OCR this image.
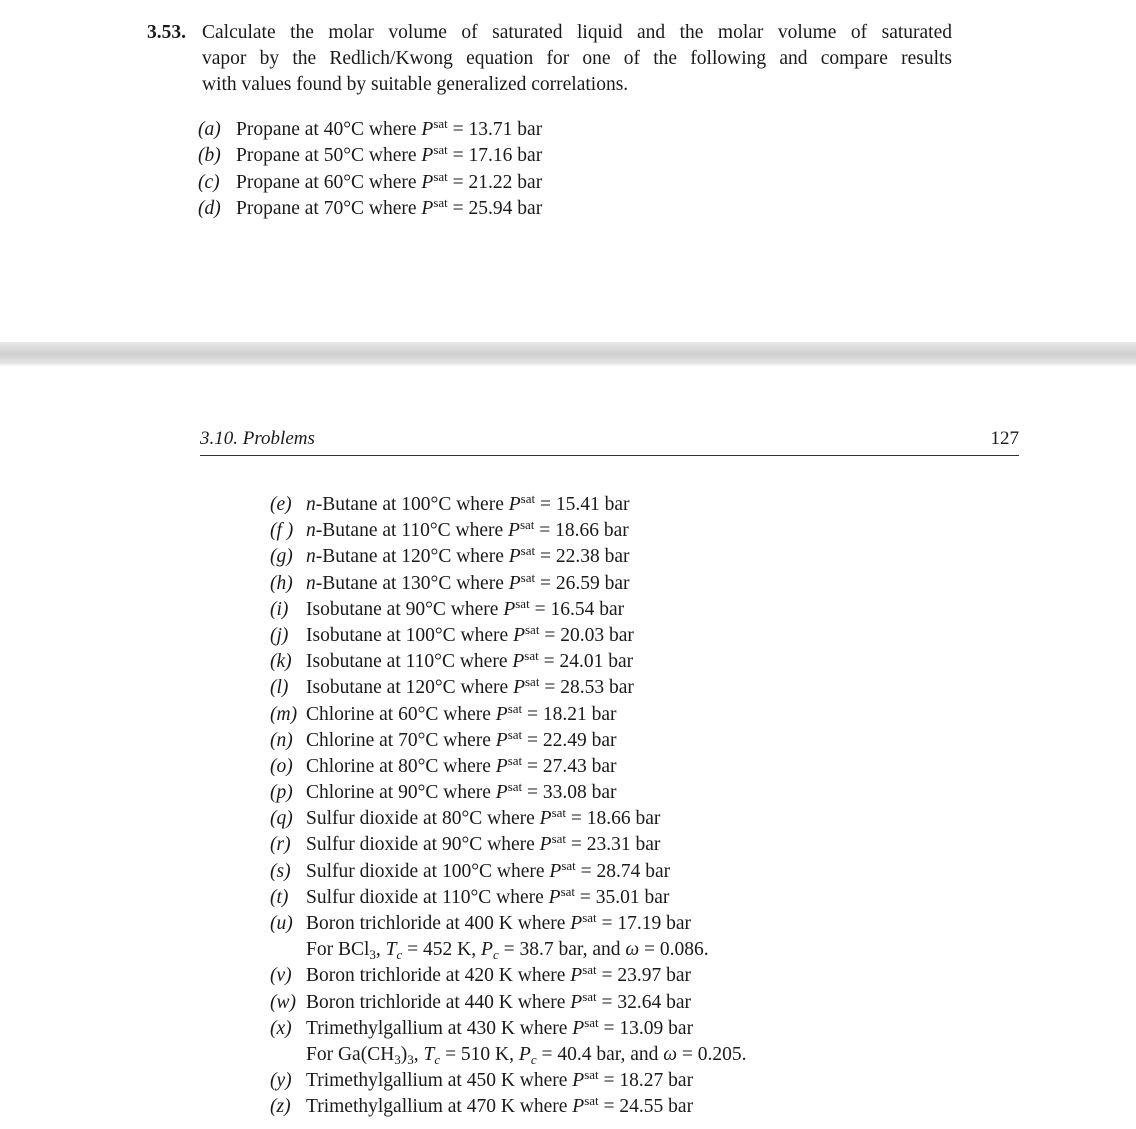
3.53. Calculate the molar volume of saturated liquid and the molar volume of saturated
vapor by the Redlich/Kwong equation for one of the following and compare results
with values found by suitable generalized correlations.
(a) Propane at 40°C where $P^{sat} = 13.71$ bar
(b) Propane at 50°C where $P^{sat} = 17.16$ bar
(c) Propane at 60°C where $P^{sat} = 21.22$ bar
(d) Propane at 70°C where $P^{sat} = 25.94$ bar
3.10. Problems	127
(e) n-Butane at 100°C where $P^{sat} = 15.41$ bar
(f ) n-Butane at 110°C where $P^{sat} = 18.66$ bar
(g) n-Butane at 120°C where $P^{sat} = 22.38$ bar
(h) n-Butane at 130°C where $P^{sat} = 26.59$ bar
(i) Isobutane at 90°C where $P^{sat} = 16.54$ bar
(j) Isobutane at 100°C where $P^{sat} = 20.03$ bar
(k) Isobutane at 110°C where $P^{sat} = 24.01$ bar
(l) Isobutane at 120°C where $P^{sat} = 28.53$ bar
(m) Chlorine at 60°C where $P^{sat} = 18.21$ bar
(n) Chlorine at 70°C where $P^{sat} = 22.49$ bar
(o) Chlorine at 80°C where $P^{sat} = 27.43$ bar
(p) Chlorine at 90°C where $P^{sat} = 33.08$ bar
(q) Sulfur dioxide at 80°C where $P^{sat} = 18.66$ bar
(r) Sulfur dioxide at 90°C where $P^{sat} = 23.31$ bar
(s) Sulfur dioxide at 100°C where $P^{sat} = 28.74$ bar
(t) Sulfur dioxide at 110°C where $P^{sat} = 35.01$ bar
(u) Boron trichloride at 400 K where $P^{sat} = 17.19$ bar
For BCl$_3$, $T_c = 452$ K, $P_c = 38.7$ bar, and ω = 0.086.
(v) Boron trichloride at 420 K where $P^{sat} = 23.97$ bar
(w) Boron trichloride at 440 K where $P^{sat} = 32.64$ bar
(x) Trimethylgallium at 430 K where $P^{sat} = 13.09$ bar
For $Ga(CH_3)_3$, $T_c = 510$ K, $P_c = 40.4$ bar, and ω = 0.205.
(y) Trimethylgallium at 450 K where $P^{sat} = 18.27$ bar
(z) Trimethylgallium at 470 K where $P^{sat} = 24.55$ bar
